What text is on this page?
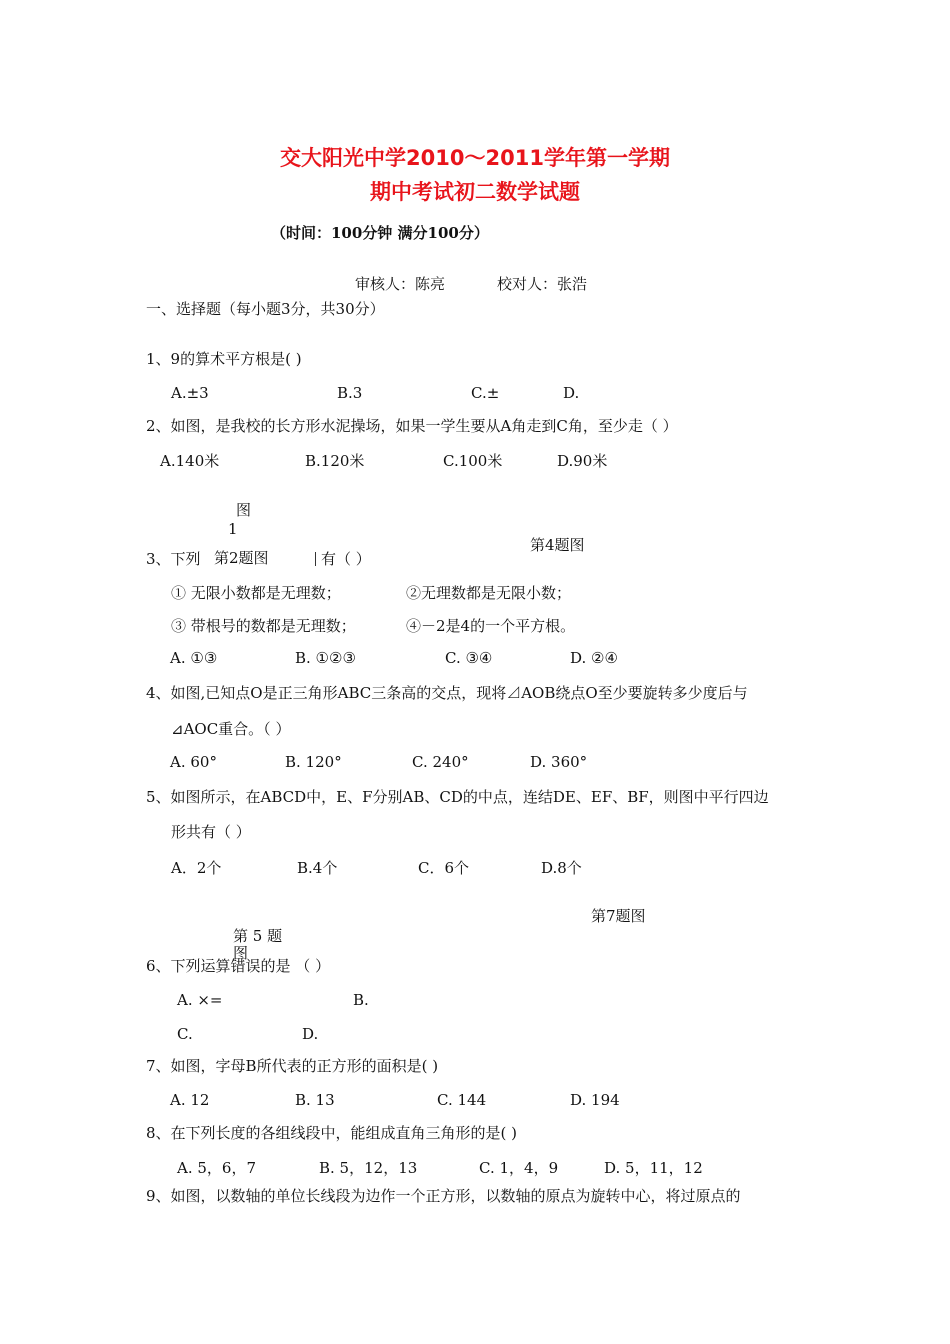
交大阳光中学2010～2011学年第一学期
期中考试初二数学试题
（时间：100分钟 满分100分）
审核人：陈亮	校对人：张浩
一、选择题（每小题3分，共30分）
1、9的算术平方根是( )
A.±3	B.3	C.±	D.
2、如图，是我校的长方形水泥操场，如果一学生要从A角走到C角，至少走（ ）
A.140米	B.120米	C.100米	D.90米
图
1
第4题图
3、下列 第2题图	有（ ）
① 无限小数都是无理数；	②无理数都是无限小数；
③ 带根号的数都是无理数；	④－2是4的一个平方根。
A. ①③	B. ①②③	C. ③④	D. ②④
4、如图,已知点O是正三角形ABC三条高的交点，现将⊿AOB绕点O至少要旋转多少度后与
⊿AOC重合。（ ）
A. 60°	B. 120°	C. 240°	D. 360°
5、如图所示，在ABCD中，E、F分别AB、CD的中点，连结DE、EF、BF，则图中平行四边
形共有（ ）
A．2个	B.4个	C．6个	D.8个
第7题图
第 5 题
图
6、下列运算错误的是 （ ）
A. ×=	B.
C.	D.
7、如图，字母B所代表的正方形的面积是( )
A. 12	B. 13	C. 144	D. 194
8、在下列长度的各组线段中，能组成直角三角形的是( )
A. 5，6，7	B. 5，12，13	C. 1，4，9	D. 5，11，12
9、如图，以数轴的单位长线段为边作一个正方形，以数轴的原点为旋转中心，将过原点的
